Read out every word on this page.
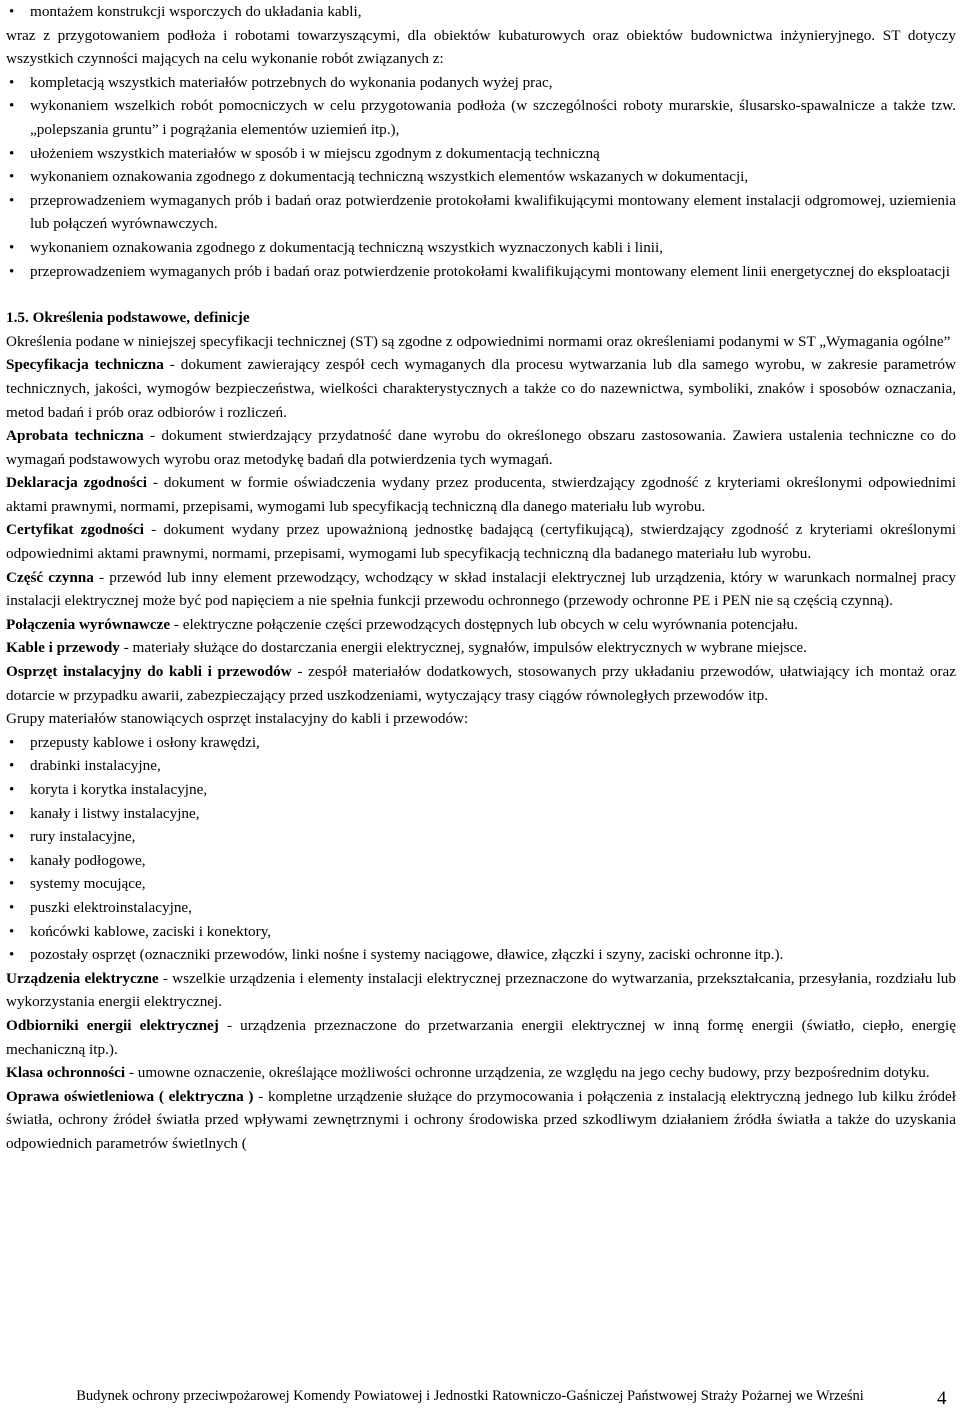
• montażem konstrukcji wsporczych do układania kabli,

wraz z przygotowaniem podłoża i robotami towarzyszącymi, dla obiektów kubaturowych oraz obiektów budownictwa inżynieryjnego. ST dotyczy wszystkich czynności mających na celu wykonanie robót związanych z:

• kompletacją wszystkich materiałów potrzebnych do wykonania podanych wyżej prac,
• wykonaniem wszelkich robót pomocniczych w celu przygotowania podłoża (w szczególności roboty murarskie, ślusarsko-spawalnicze a także tzw. „polepszania gruntu” i pogrążania elementów uziemień itp.),
• ułożeniem wszystkich materiałów w sposób i w miejscu zgodnym z dokumentacją techniczną
• wykonaniem oznakowania zgodnego z dokumentacją techniczną wszystkich elementów wskazanych w dokumentacji,
• przeprowadzeniem wymaganych prób i badań oraz potwierdzenie protokołami kwalifikującymi montowany element instalacji odgromowej, uziemienia lub połączeń wyrównawczych.
• wykonaniem oznakowania zgodnego z dokumentacją techniczną wszystkich wyznaczonych kabli i linii,
• przeprowadzeniem wymaganych prób i badań oraz potwierdzenie protokołami kwalifikującymi montowany element linii energetycznej do eksploatacji

1.5. Określenia podstawowe, definicje

Określenia podane w niniejszej specyfikacji technicznej (ST) są zgodne z odpowiednimi normami oraz określeniami podanymi w ST „Wymagania ogólne”

Specyfikacja techniczna - dokument zawierający zespół cech wymaganych dla procesu wytwarzania lub dla samego wyrobu, w zakresie parametrów technicznych, jakości, wymogów bezpieczeństwa, wielkości charakterystycznych a także co do nazewnictwa, symboliki, znaków i sposobów oznaczania, metod badań i prób oraz odbiorów i rozliczeń.

Aprobata techniczna - dokument stwierdzający przydatność dane wyrobu do określonego obszaru zastosowania. Zawiera ustalenia techniczne co do wymagań podstawowych wyrobu oraz metodykę badań dla potwierdzenia tych wymagań.

Deklaracja zgodności - dokument w formie oświadczenia wydany przez producenta, stwierdzający zgodność z kryteriami określonymi odpowiednimi aktami prawnymi, normami, przepisami, wymogami lub specyfikacją techniczną dla danego materiału lub wyrobu.

Certyfikat zgodności - dokument wydany przez upoważnioną jednostkę badającą (certyfikującą), stwierdzający zgodność z kryteriami określonymi odpowiednimi aktami prawnymi, normami, przepisami, wymogami lub specyfikacją techniczną dla badanego materiału lub wyrobu.

Część czynna - przewód lub inny element przewodzący, wchodzący w skład instalacji elektrycznej lub urządzenia, który w warunkach normalnej pracy instalacji elektrycznej może być pod napięciem a nie spełnia funkcji przewodu ochronnego (przewody ochronne PE i PEN nie są częścią czynną).

Połączenia wyrównawcze - elektryczne połączenie części przewodzących dostępnych lub obcych w celu wyrównania potencjału.

Kable i przewody - materiały służące do dostarczania energii elektrycznej, sygnałów, impulsów elektrycznych w wybrane miejsce.

Osprzęt instalacyjny do kabli i przewodów - zespół materiałów dodatkowych, stosowanych przy układaniu przewodów, ułatwiający ich montaż oraz dotarcie w przypadku awarii, zabezpieczający przed uszkodzeniami, wytyczający trasy ciągów równoległych przewodów itp.

Grupy materiałów stanowiących osprzęt instalacyjny do kabli i przewodów:

• przepusty kablowe i osłony krawędzi,
• drabinki instalacyjne,
• koryta i korytka instalacyjne,
• kanały i listwy instalacyjne,
• rury instalacyjne,
• kanały podłogowe,
• systemy mocujące,
• puszki elektroinstalacyjne,
• końcówki kablowe, zaciski i konektory,
• pozostały osprzęt (oznaczniki przewodów, linki nośne i systemy naciągowe, dławice, złączki i szyny, zaciski ochronne itp.).

Urządzenia elektryczne - wszelkie urządzenia i elementy instalacji elektrycznej przeznaczone do wytwarzania, przekształcania, przesyłania, rozdziału lub wykorzystania energii elektrycznej.

Odbiorniki energii elektrycznej - urządzenia przeznaczone do przetwarzania energii elektrycznej w inną formę energii (światło, ciepło, energię mechaniczną itp.).

Klasa ochronności - umowne oznaczenie, określające możliwości ochronne urządzenia, ze względu na jego cechy budowy, przy bezpośrednim dotyku.

Oprawa oświetleniowa ( elektryczna ) - kompletne urządzenie służące do przymocowania i połączenia z instalacją elektryczną jednego lub kilku źródeł światła, ochrony źródeł światła przed wpływami zewnętrznymi i ochrony środowiska przed szkodliwym działaniem źródła światła a także do uzyskania odpowiednich parametrów świetlnych (

Budynek ochrony przeciwpożarowej Komendy Powiatowej i Jednostki Ratowniczo-Gaśniczej Państwowej Straży Pożarnej we Wrześni	4
